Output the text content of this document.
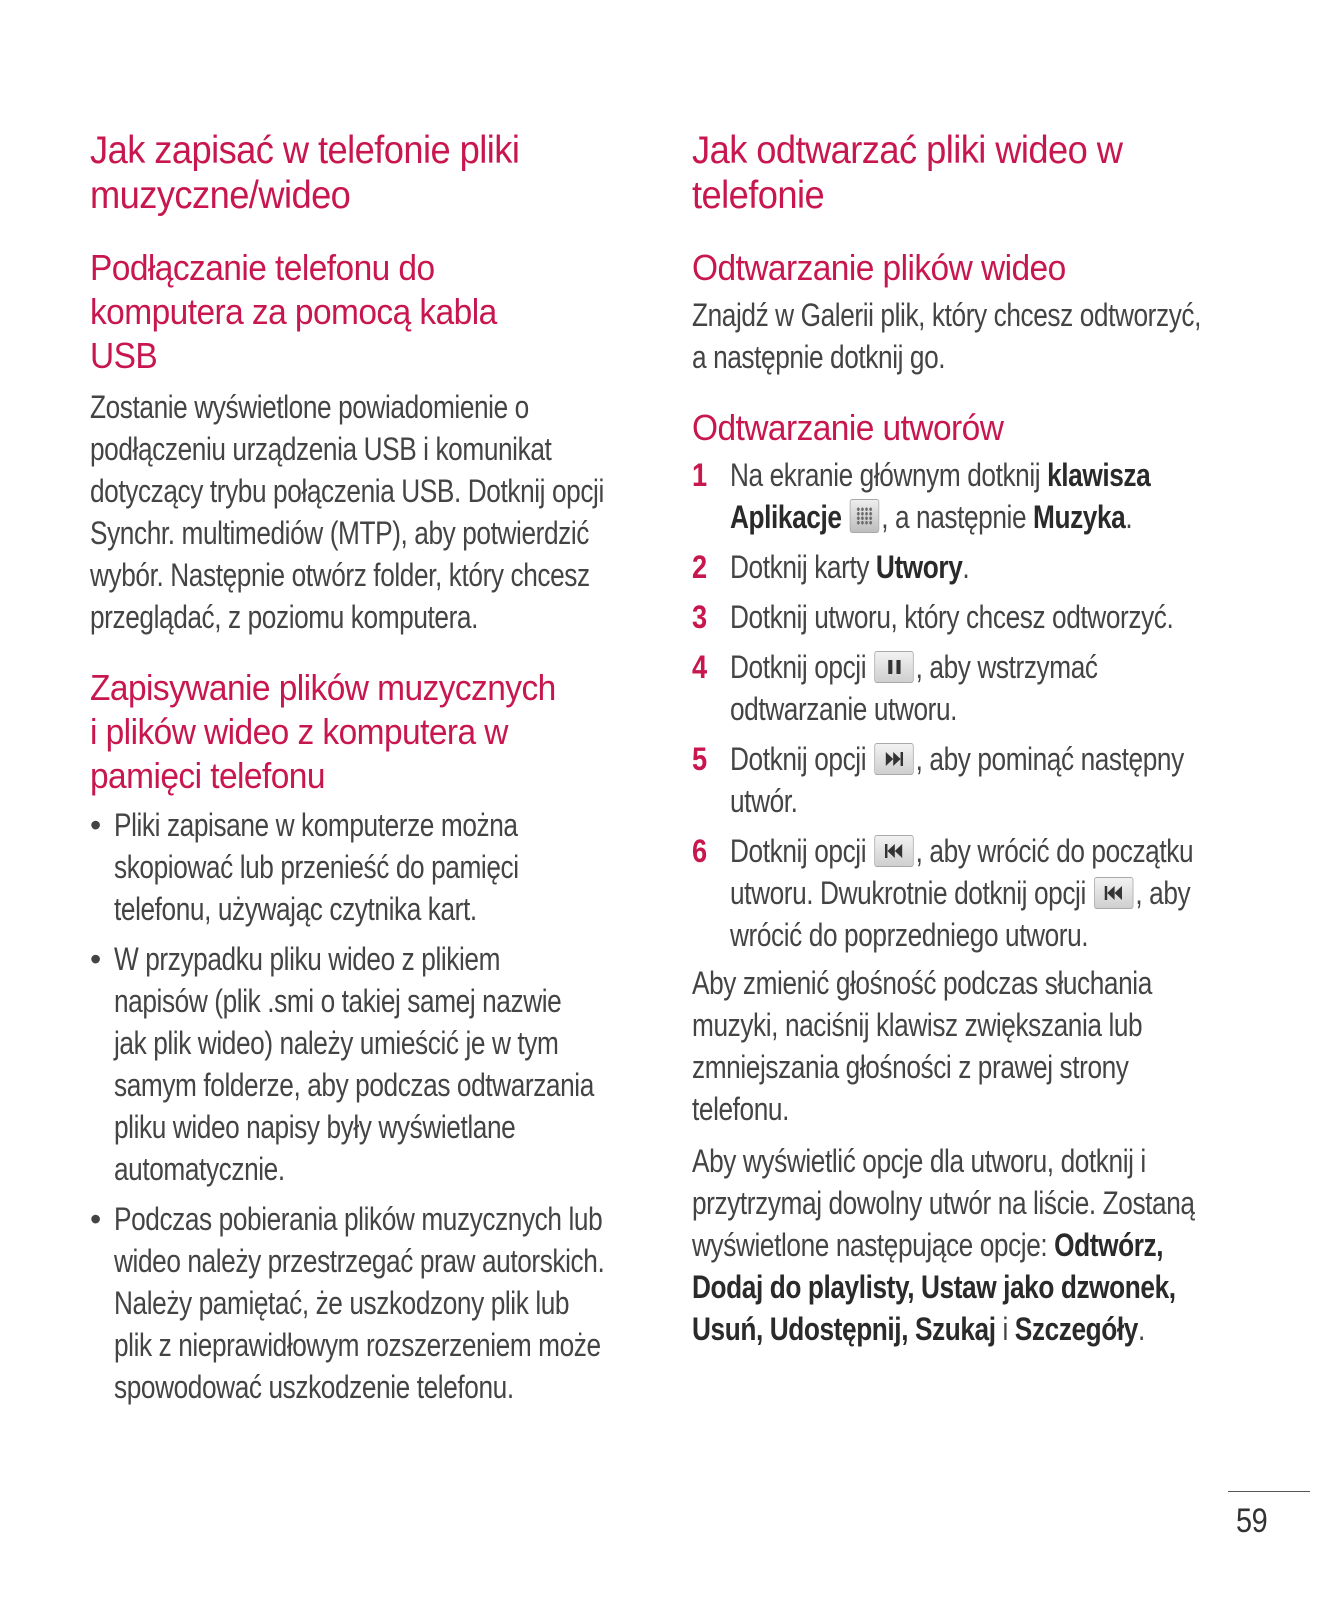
Jak zapisać w telefonie pliki
muzyczne/wideo
Podłączanie telefonu do
komputera za pomocą kabla
USB

Zostanie wyświetlone powiadomienie o
podłączeniu urządzenia USB i komunikat
dotyczący trybu połączenia USB. Dotknij opcji
Synchr. multimediów (MTP), aby potwierdzić
wybór. Następnie otwórz folder, który chcesz
przeglądać, z poziomu komputera.

Zapisywanie plików muzycznych
i plików wideo z komputera w
pamięci telefonu
• Pliki zapisane w komputerze można
skopiować lub przenieść do pamięci
telefonu, używając czytnika kart.

• W przypadku pliku wideo z plikiem
napisów (plik .smi o takiej samej nazwie
jak plik wideo) należy umieścić je w tym
samym folderze, aby podczas odtwarzania
pliku wideo napisy były wyświetlane
automatycznie.

• Podczas pobierania plików muzycznych lub
wideo należy przestrzegać praw autorskich.
Należy pamiętać, że uszkodzony plik lub
plik z nieprawidłowym rozszerzeniem może
spowodować uszkodzenie telefonu.

Jak odtwarzać pliki wideo w
telefonie
Odtwarzanie plików wideo

Znajdź w Galerii plik, który chcesz odtworzyć,
a następnie dotknij go.

Odtwarzanie utworów
1 Na ekranie głównym dotknij klawisza
Aplikacje , a następnie Muzyka.

2 Dotknij karty Utwory.

3 Dotknij utworu, który chcesz odtworzyć.

4 Dotknij opcji
, aby wstrzymać
odtwarzanie utworu.

5 Dotknij opcji
, aby pominąć następny
utwór.

6 Dotknij opcji
, aby wrócić do początku
utworu. Dwukrotnie dotknij opcji
, aby
wrócić do poprzedniego utworu.

Aby zmienić głośność podczas słuchania
muzyki, naciśnij klawisz zwiększania lub
zmniejszania głośności z prawej strony
telefonu.

Aby wyświetlić opcje dla utworu, dotknij i
przytrzymaj dowolny utwór na liście. Zostaną
wyświetlone następujące opcje: Odtwórz,
Dodaj do playlisty, Ustaw jako dzwonek,
Usuń, Udostępnij, Szukaj i Szczegóły.

59
